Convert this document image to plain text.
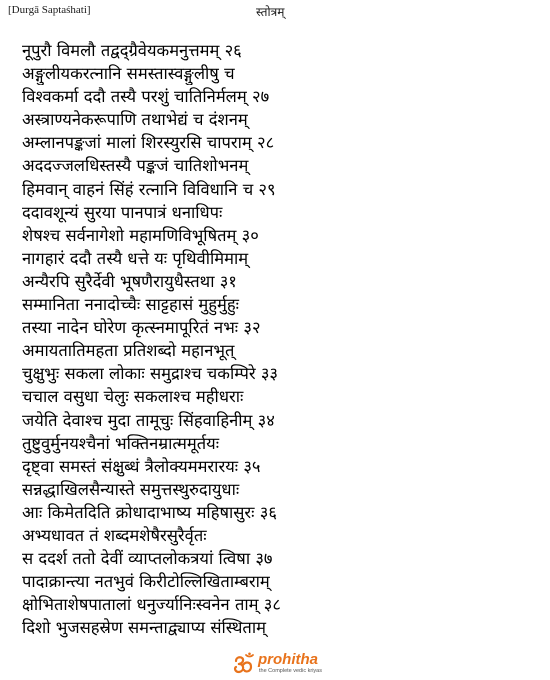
[Durgā Saptaśhati]	स्तोत्रम्
नूपुरौ विमलौ तद्वद्‌ग्रैवेयकमनुत्तमम् २६
अङ्गुलीयकरत्नानि समस्तास्वङ्गुलीषु च
विश्वकर्मा ददौ तस्यै परशुं चातिनिर्मलम् २७
अस्त्राण्यनेकरूपाणि तथाभेद्यं च दंशनम्
अम्लानपङ्कजां मालां शिरस्युरसि चापराम् २८
अददज्जलधिस्तस्यै पङ्कजं चातिशोभनम्
हिमवान् वाहनं सिंहं रत्नानि विविधानि च २९
ददावशून्यं सुरया पानपात्रं धनाधिपः
शेषश्च सर्वनागेशो महामणिविभूषितम् ३०
नागहारं ददौ तस्यै धत्ते यः पृथिवीमिमाम्
अन्यैरपि सुरैर्देवी भूषणैरायुधैस्तथा ३१
सम्मानिता ननादोच्चैः साट्टहासं मुहुर्मुहुः
तस्या नादेन घोरेण कृत्स्नमापूरितं नभः ३२
अमायतातिमहता प्रतिशब्दो महानभूत्
चुक्षुभुः सकला लोकाः समुद्राश्च चकम्पिरे ३३
चचाल वसुधा चेलुः सकलाश्च महीधराः
जयेति देवाश्च मुदा तामूचुः सिंहवाहिनीम् ३४
तुष्टुवुर्मुनयश्चैनां भक्तिनम्रात्ममूर्तयः
दृष्ट्वा समस्तं संक्षुब्धं त्रैलोक्यममरारयः ३५
सन्नद्धाखिलसैन्यास्ते समुत्तस्थुरुदायुधाः
आः किमेतदिति क्रोधादाभाष्य महिषासुरः ३६
अभ्यधावत तं शब्दमशेषैरसुरैर्वृतः
स ददर्श ततो देवीं व्याप्तलोकत्रयां त्विषा ३७
पादाक्रान्त्या नतभुवं किरीटोल्लिखिताम्बराम्
क्षोभिताशेषपातालां धनुर्ज्यानिःस्वनेन ताम् ३८
दिशो भुजसहस्रेण समन्ताद्व्याप्य संस्थिताम्
prohitha
the Complete vedic kriyas
